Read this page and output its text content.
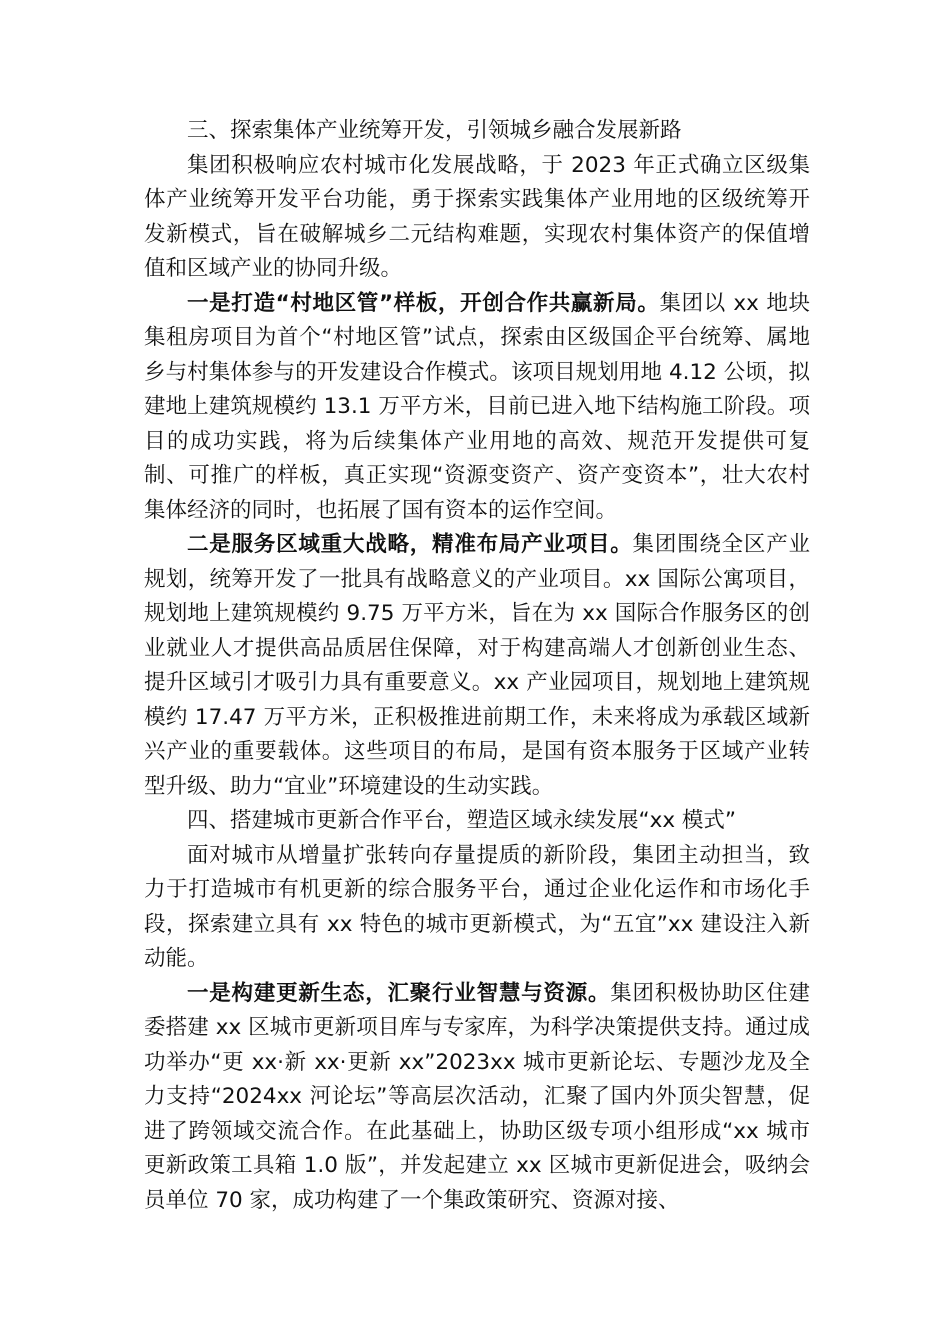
三、探索集体产业统筹开发，引领城乡融合发展新路

集团积极响应农村城市化发展战略，于 2023 年正式确立区级集体产业统筹开发平台功能，勇于探索实践集体产业用地的区级统筹开发新模式，旨在破解城乡二元结构难题，实现农村集体资产的保值增值和区域产业的协同升级。

一是打造“村地区管”样板，开创合作共赢新局。集团以 xx 地块集租房项目为首个“村地区管”试点，探索由区级国企平台统筹、属地乡与村集体参与的开发建设合作模式。该项目规划用地 4.12 公顷，拟建地上建筑规模约 13.1 万平方米，目前已进入地下结构施工阶段。项目的成功实践，将为后续集体产业用地的高效、规范开发提供可复制、可推广的样板，真正实现“资源变资产、资产变资本”，壮大农村集体经济的同时，也拓展了国有资本的运作空间。

二是服务区域重大战略，精准布局产业项目。集团围绕全区产业规划，统筹开发了一批具有战略意义的产业项目。xx 国际公寓项目，规划地上建筑规模约 9.75 万平方米，旨在为 xx 国际合作服务区的创业就业人才提供高品质居住保障，对于构建高端人才创新创业生态、提升区域引才吸引力具有重要意义。xx 产业园项目，规划地上建筑规模约 17.47 万平方米，正积极推进前期工作，未来将成为承载区域新兴产业的重要载体。这些项目的布局，是国有资本服务于区域产业转型升级、助力“宜业”环境建设的生动实践。

四、搭建城市更新合作平台，塑造区域永续发展“xx 模式”

面对城市从增量扩张转向存量提质的新阶段，集团主动担当，致力于打造城市有机更新的综合服务平台，通过企业化运作和市场化手段，探索建立具有 xx 特色的城市更新模式，为“五宜”xx 建设注入新动能。

一是构建更新生态，汇聚行业智慧与资源。集团积极协助区住建委搭建 xx 区城市更新项目库与专家库，为科学决策提供支持。通过成功举办“更 xx·新 xx·更新 xx”2023xx 城市更新论坛、专题沙龙及全力支持“2024xx 河论坛”等高层次活动，汇聚了国内外顶尖智慧，促进了跨领域交流合作。在此基础上，协助区级专项小组形成“xx 城市更新政策工具箱 1.0 版”，并发起建立 xx 区城市更新促进会，吸纳会员单位 70 家，成功构建了一个集政策研究、资源对接、
